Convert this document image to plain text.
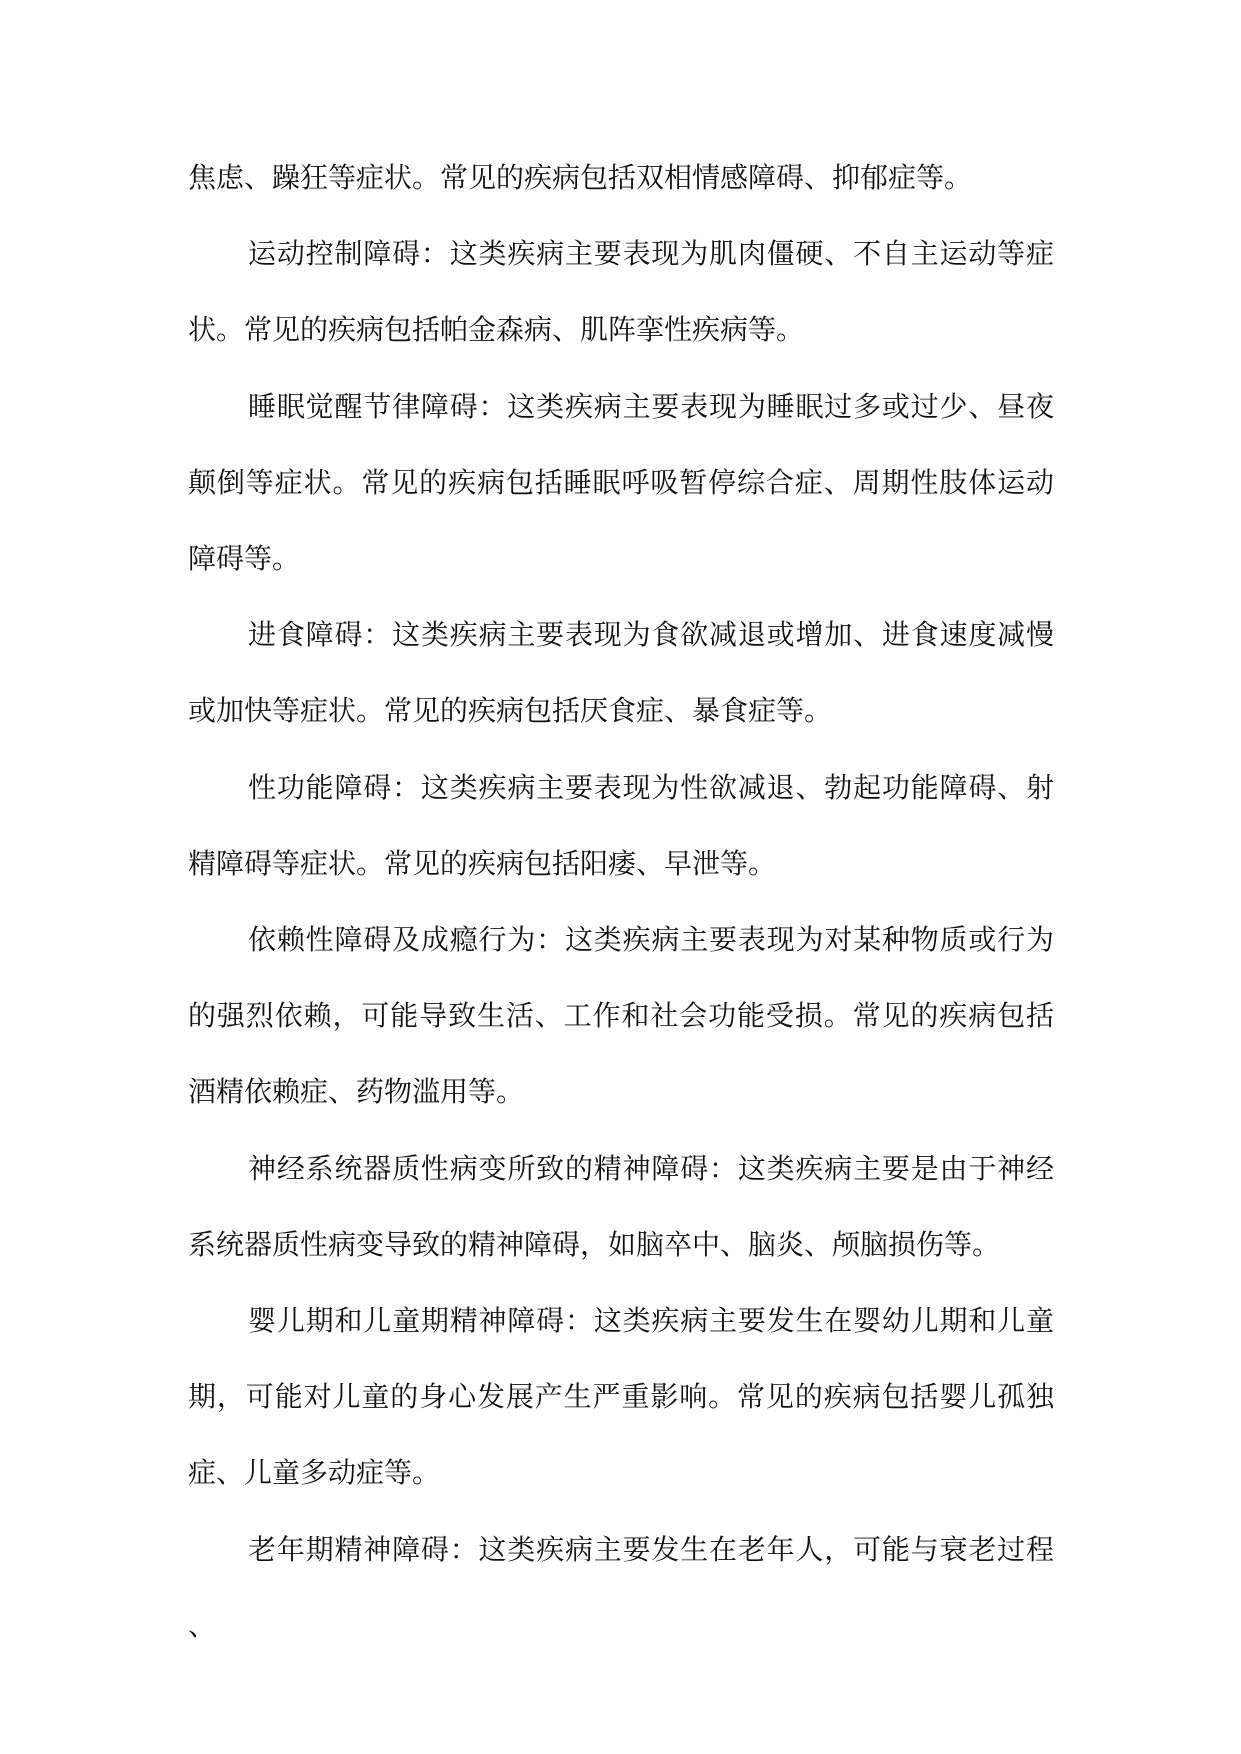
焦虑、躁狂等症状。常见的疾病包括双相情感障碍、抑郁症等。

运动控制障碍：这类疾病主要表现为肌肉僵硬、不自主运动等症状。常见的疾病包括帕金森病、肌阵挛性疾病等。

睡眠觉醒节律障碍：这类疾病主要表现为睡眠过多或过少、昼夜颠倒等症状。常见的疾病包括睡眠呼吸暂停综合症、周期性肢体运动障碍等。

进食障碍：这类疾病主要表现为食欲减退或增加、进食速度减慢或加快等症状。常见的疾病包括厌食症、暴食症等。

性功能障碍：这类疾病主要表现为性欲减退、勃起功能障碍、射精障碍等症状。常见的疾病包括阳痿、早泄等。

依赖性障碍及成瘾行为：这类疾病主要表现为对某种物质或行为的强烈依赖，可能导致生活、工作和社会功能受损。常见的疾病包括酒精依赖症、药物滥用等。

神经系统器质性病变所致的精神障碍：这类疾病主要是由于神经系统器质性病变导致的精神障碍，如脑卒中、脑炎、颅脑损伤等。

婴儿期和儿童期精神障碍：这类疾病主要发生在婴幼儿期和儿童期，可能对儿童的身心发展产生严重影响。常见的疾病包括婴儿孤独症、儿童多动症等。

老年期精神障碍：这类疾病主要发生在老年人，可能与衰老过程、
